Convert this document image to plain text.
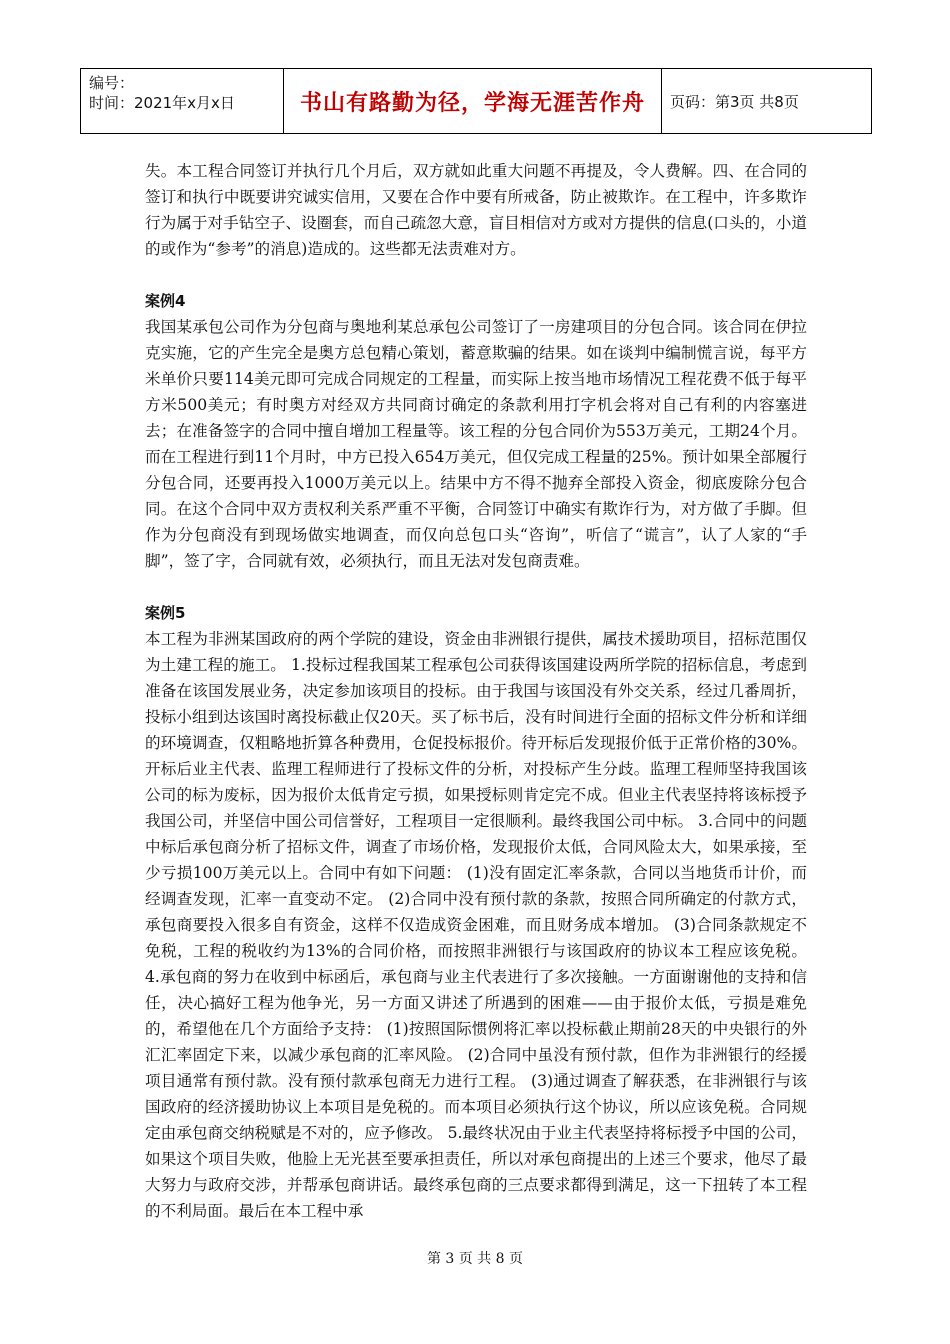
编号：
时间：2021年x月x日	书山有路勤为径，学海无涯苦作舟 页码：第3页 共8页

失。本工程合同签订并执行几个月后，双方就如此重大问题不再提及，令人费解。四、在合同的签订和执行中既要讲究诚实信用，又要在合作中要有所戒备，防止被欺诈。在工程中，许多欺诈行为属于对手钻空子、设圈套，而自己疏忽大意，盲目相信对方或对方提供的信息(口头的，小道的或作为“参考”的消息)造成的。这些都无法责难对方。

案例4

我国某承包公司作为分包商与奥地利某总承包公司签订了一房建项目的分包合同。该合同在伊拉克实施，它的产生完全是奥方总包精心策划，蓄意欺骗的结果。如在谈判中编制慌言说，每平方米单价只要114美元即可完成合同规定的工程量，而实际上按当地市场情况工程花费不低于每平方米500美元；有时奥方对经双方共同商讨确定的条款利用打字机会将对自己有利的内容塞进去；在准备签字的合同中擅自增加工程量等。该工程的分包合同价为553万美元，工期24个月。而在工程进行到11个月时，中方已投入654万美元，但仅完成工程量的25%。预计如果全部履行分包合同，还要再投入1000万美元以上。结果中方不得不抛弃全部投入资金，彻底废除分包合同。在这个合同中双方责权利关系严重不平衡，合同签订中确实有欺诈行为，对方做了手脚。但作为分包商没有到现场做实地调查，而仅向总包口头“咨询”，听信了“谎言”，认了人家的“手脚”，签了字，合同就有效，必须执行，而且无法对发包商责难。

案例5

本工程为非洲某国政府的两个学院的建设，资金由非洲银行提供，属技术援助项目，招标范围仅为土建工程的施工。 1.投标过程我国某工程承包公司获得该国建设两所学院的招标信息，考虑到准备在该国发展业务，决定参加该项目的投标。由于我国与该国没有外交关系，经过几番周折，投标小组到达该国时离投标截止仅20天。买了标书后，没有时间进行全面的招标文件分析和详细的环境调查，仅粗略地折算各种费用，仓促投标报价。待开标后发现报价低于正常价格的30%。开标后业主代表、监理工程师进行了投标文件的分析，对投标产生分歧。监理工程师坚持我国该公司的标为废标，因为报价太低肯定亏损，如果授标则肯定完不成。但业主代表坚持将该标授予我国公司，并坚信中国公司信誉好，工程项目一定很顺利。最终我国公司中标。 3.合同中的问题中标后承包商分析了招标文件，调查了市场价格，发现报价太低，合同风险太大，如果承接，至少亏损100万美元以上。合同中有如下问题： (1)没有固定汇率条款，合同以当地货币计价，而经调查发现，汇率一直变动不定。 (2)合同中没有预付款的条款，按照合同所确定的付款方式，承包商要投入很多自有资金，这样不仅造成资金困难，而且财务成本增加。 (3)合同条款规定不免税，工程的税收约为13%的合同价格，而按照非洲银行与该国政府的协议本工程应该免税。 4.承包商的努力在收到中标函后，承包商与业主代表进行了多次接触。一方面谢谢他的支持和信任，决心搞好工程为他争光，另一方面又讲述了所遇到的困难——由于报价太低，亏损是难免的，希望他在几个方面给予支持： (1)按照国际惯例将汇率以投标截止期前28天的中央银行的外汇汇率固定下来，以减少承包商的汇率风险。 (2)合同中虽没有预付款，但作为非洲银行的经援项目通常有预付款。没有预付款承包商无力进行工程。 (3)通过调查了解获悉，在非洲银行与该国政府的经济援助协议上本项目是免税的。而本项目必须执行这个协议，所以应该免税。合同规定由承包商交纳税赋是不对的，应予修改。 5.最终状况由于业主代表坚持将标授予中国的公司，如果这个项目失败，他脸上无光甚至要承担责任，所以对承包商提出的上述三个要求，他尽了最大努力与政府交涉，并帮承包商讲话。最终承包商的三点要求都得到满足，这一下扭转了本工程的不利局面。最后在本工程中承

第 3 页 共 8 页
